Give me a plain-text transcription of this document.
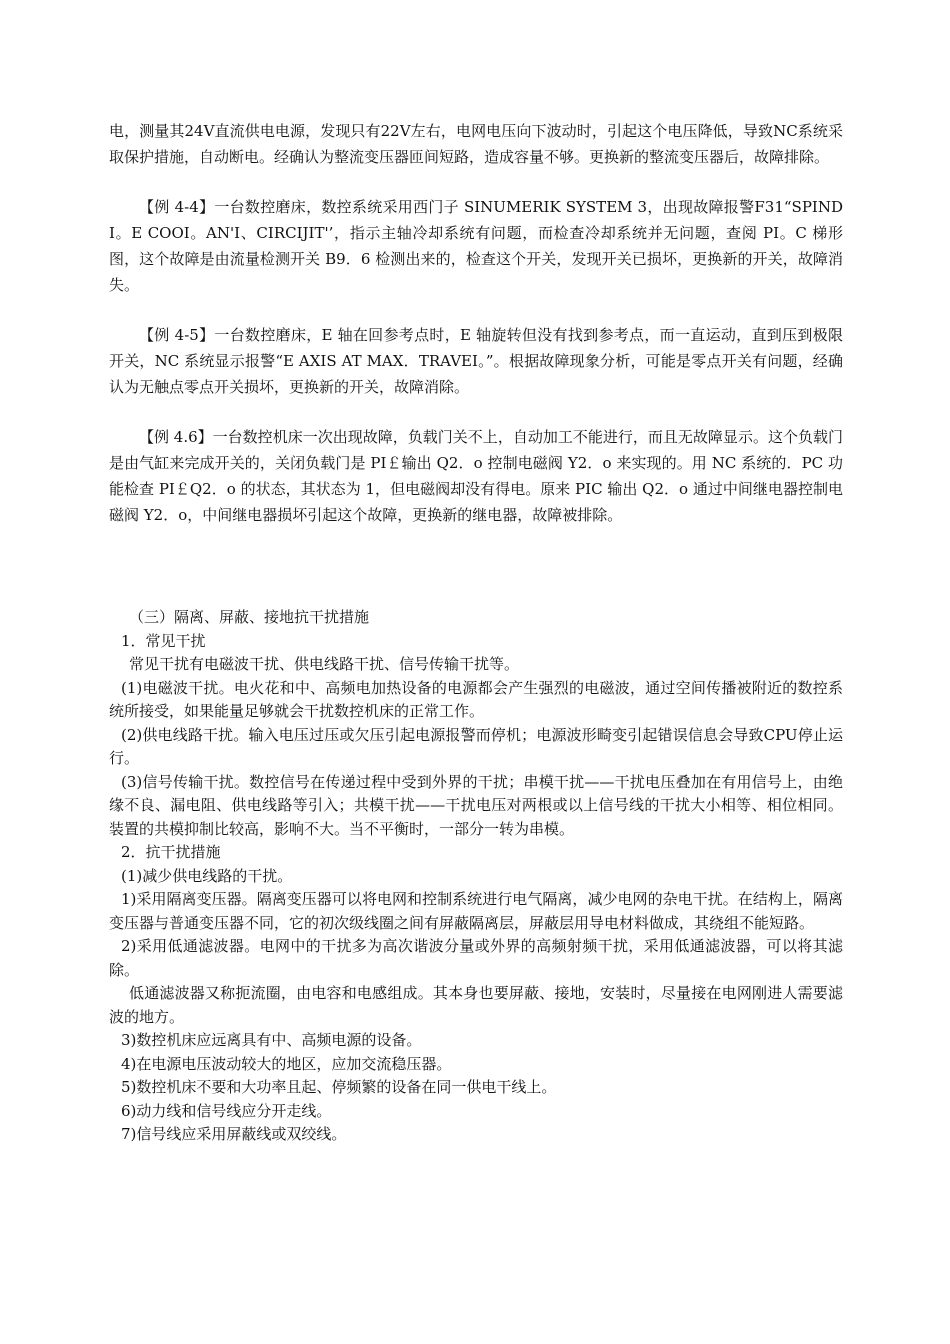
电，测量其24V直流供电电源，发现只有22V左右，电网电压向下波动时，引起这个电压降低，导致NC系统采取保护措施，自动断电。经确认为整流变压器匝间短路，造成容量不够。更换新的整流变压器后，故障排除。

【例 4-4】一台数控磨床，数控系统采用西门子 SINUMERIK SYSTEM 3，出现故障报警F31“SPINDI。E COOI。AN'I、CIRCIJIT'’，指示主轴冷却系统有问题，而检查冷却系统并无问题，查阅 PI。C 梯形图，这个故障是由流量检测开关 B9．6 检测出来的，检查这个开关，发现开关已损坏，更换新的开关，故障消失。

【例 4-5】一台数控磨床，E 轴在回参考点时，E 轴旋转但没有找到参考点，而一直运动，直到压到极限开关，NC 系统显示报警“E AXIS AT MAX．TRAVEI。”。根据故障现象分析，可能是零点开关有问题，经确认为无触点零点开关损坏，更换新的开关，故障消除。

【例 4.6】一台数控机床一次出现故障，负载门关不上，自动加工不能进行，而且无故障显示。这个负载门是由气缸来完成开关的，关闭负载门是 PI￡输出 Q2．o 控制电磁阀 Y2．o 来实现的。用 NC 系统的．PC 功能检查 PI￡Q2．o 的状态，其状态为 1，但电磁阀却没有得电。原来 PIC 输出 Q2．o 通过中间继电器控制电磁阀 Y2．o，中间继电器损坏引起这个故障，更换新的继电器，故障被排除。

（三）隔离、屏蔽、接地抗干扰措施

1．常见干扰

常见干扰有电磁波干扰、供电线路干扰、信号传输干扰等。

(1)电磁波干扰。电火花和中、高频电加热设备的电源都会产生强烈的电磁波，通过空间传播被附近的数控系统所接受，如果能量足够就会干扰数控机床的正常工作。

(2)供电线路干扰。输入电压过压或欠压引起电源报警而停机；电源波形畸变引起错误信息会导致CPU停止运行。

(3)信号传输干扰。数控信号在传递过程中受到外界的干扰；串模干扰——干扰电压叠加在有用信号上，由绝缘不良、漏电阻、供电线路等引入；共模干扰——干扰电压对两根或以上信号线的干扰大小相等、相位相同。装置的共模抑制比较高，影响不大。当不平衡时，一部分一转为串模。

2．抗干扰措施

(1)减少供电线路的干扰。

1)采用隔离变压器。隔离变压器可以将电网和控制系统进行电气隔离，减少电网的杂电干扰。在结构上，隔离变压器与普通变压器不同，它的初次级线圈之间有屏蔽隔离层，屏蔽层用导电材料做成，其绕组不能短路。

2)采用低通滤波器。电网中的干扰多为高次谐波分量或外界的高频射频干扰，采用低通滤波器，可以将其滤除。

低通滤波器又称扼流圈，由电容和电感组成。其本身也要屏蔽、接地，安装时，尽量接在电网刚进人需要滤波的地方。

3)数控机床应远离具有中、高频电源的设备。

4)在电源电压波动较大的地区，应加交流稳压器。

5)数控机床不要和大功率且起、停频繁的设备在同一供电干线上。

6)动力线和信号线应分开走线。

7)信号线应采用屏蔽线或双绞线。
